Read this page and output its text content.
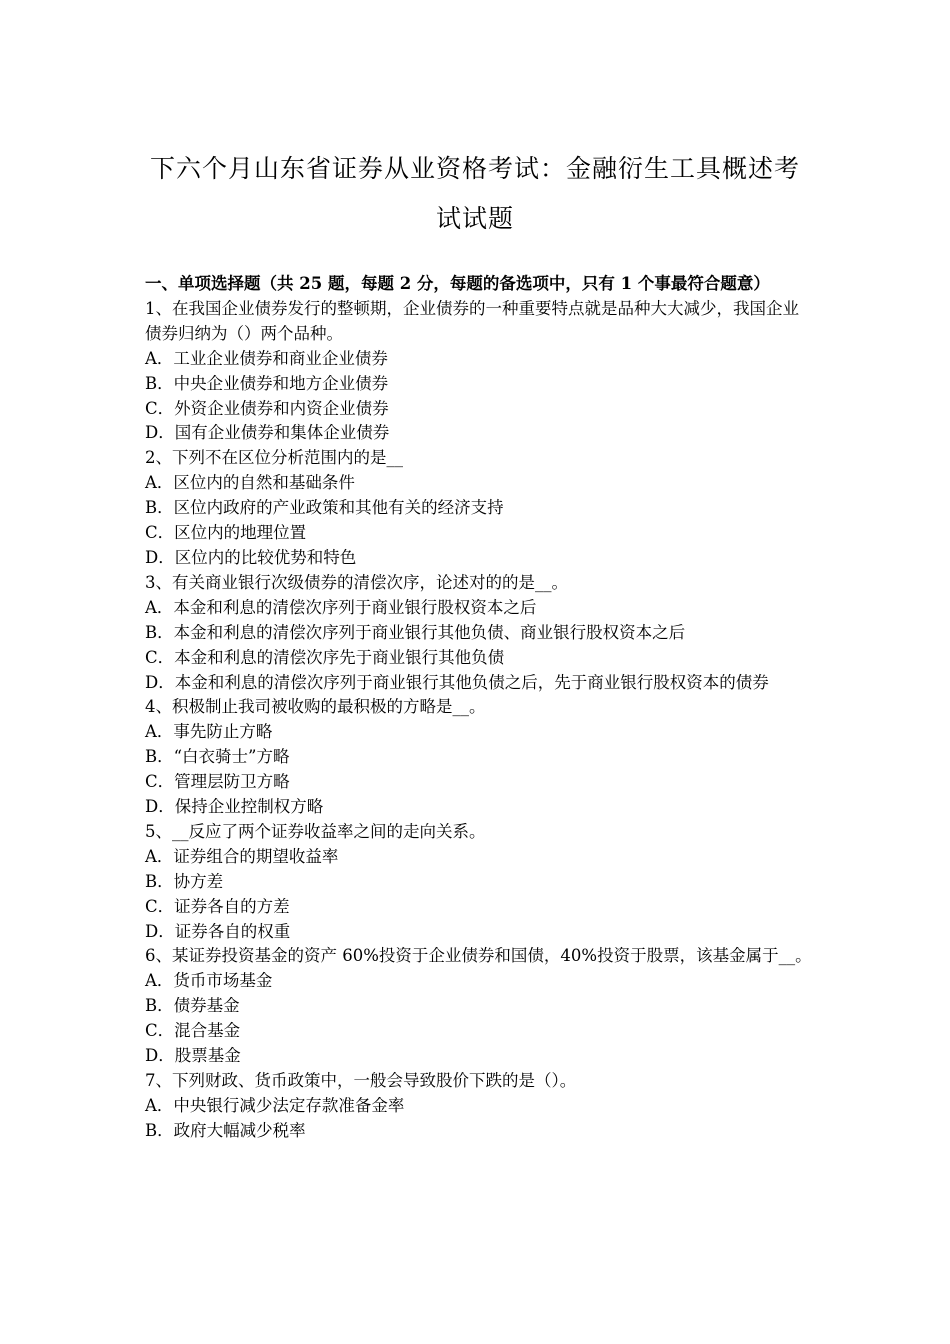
下六个月山东省证券从业资格考试：金融衍生工具概述考
试试题
一、单项选择题（共 25 题，每题 2 分，每题的备选项中，只有 1 个事最符合题意）
1、在我国企业债券发行的整顿期，企业债券的一种重要特点就是品种大大减少，我国企业债券归纳为（）两个品种。
A．工业企业债券和商业企业债券
B．中央企业债券和地方企业债券
C．外资企业债券和内资企业债券
D．国有企业债券和集体企业债券
2、下列不在区位分析范围内的是__
A．区位内的自然和基础条件
B．区位内政府的产业政策和其他有关的经济支持
C．区位内的地理位置
D．区位内的比较优势和特色
3、有关商业银行次级债券的清偿次序，论述对的的是__。
A．本金和利息的清偿次序列于商业银行股权资本之后
B．本金和利息的清偿次序列于商业银行其他负债、商业银行股权资本之后
C．本金和利息的清偿次序先于商业银行其他负债
D．本金和利息的清偿次序列于商业银行其他负债之后，先于商业银行股权资本的债券
4、积极制止我司被收购的最积极的方略是__。
A．事先防止方略
B．“白衣骑士”方略
C．管理层防卫方略
D．保持企业控制权方略
5、__反应了两个证券收益率之间的走向关系。
A．证券组合的期望收益率
B．协方差
C．证券各自的方差
D．证券各自的权重
6、某证券投资基金的资产 60%投资于企业债券和国债，40%投资于股票，该基金属于__。
A．货币市场基金
B．债券基金
C．混合基金
D．股票基金
7、下列财政、货币政策中，一般会导致股价下跌的是（）。
A．中央银行减少法定存款准备金率
B．政府大幅减少税率
